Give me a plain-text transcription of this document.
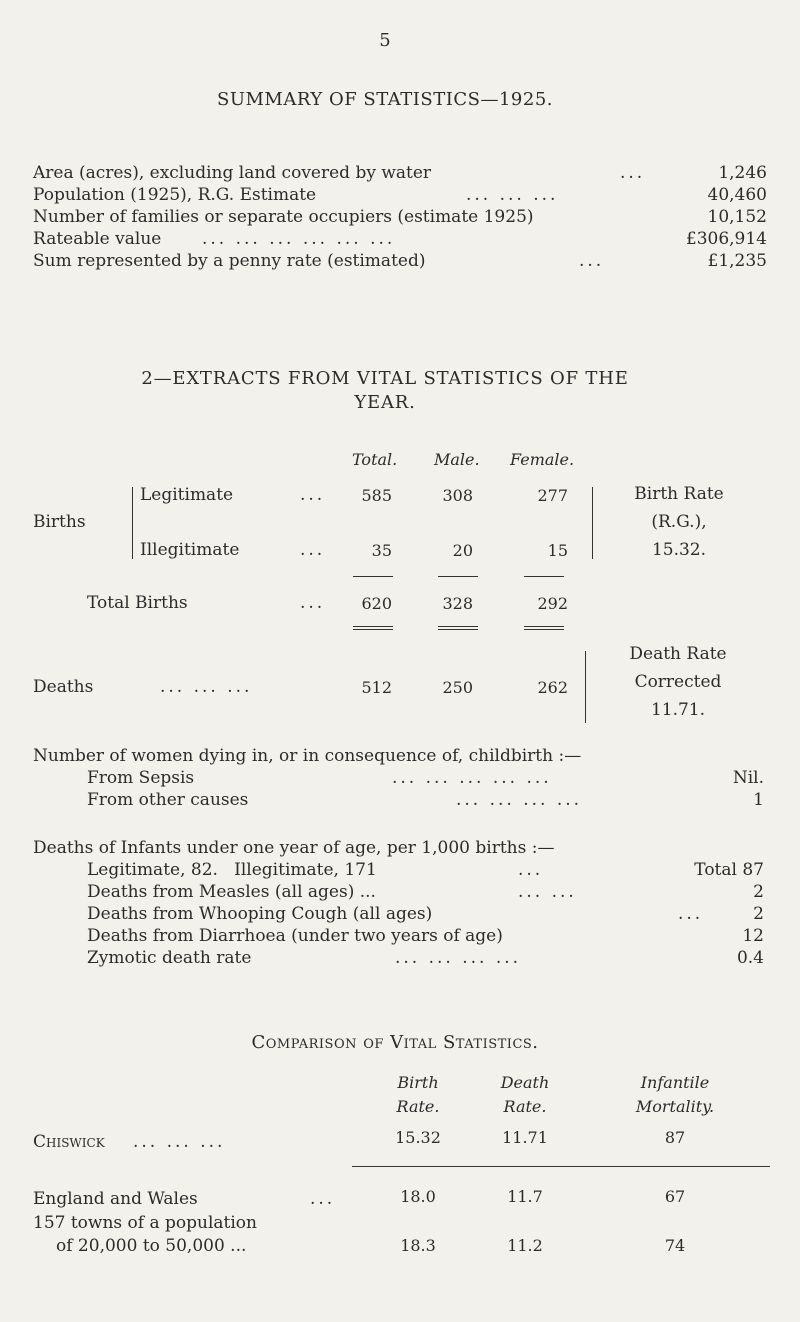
5
SUMMARY OF STATISTICS—1925.
Area (acres), excluding land covered by water	...	1,246
Population (1925), R.G. Estimate	... ... ...	40,460
Number of families or separate occupiers (estimate 1925)	10,152
Rateable value ... ... ... ... ... ...	£306,914
Sum represented by a penny rate (estimated)	...	£1,235
2—EXTRACTS FROM VITAL STATISTICS OF THE
YEAR.
Total. Male. Female.
Births
Legitimate	... 585	308	277
Illegitimate	...	35	20	15
Birth Rate
(R.G.),
15.32.
Total Births	... 620	328	292
Deaths	... ... ...	512	250	262
Death Rate
Corrected
11.71.
Number of women dying in, or in consequence of, childbirth :—
From Sepsis	... ... ... ... ...	Nil.
From other causes	... ... ... ...	1
Deaths of Infants under one year of age, per 1,000 births :—
Legitimate, 82.   Illegitimate, 171	...	Total 87
Deaths from Measles (all ages) ...	... ...	2
Deaths from Whooping Cough (all ages)	...	2
Deaths from Diarrhoea (under two years of age)	12
Zymotic death rate	... ... ... ...	0.4
Comparison of Vital Statistics.
Birth
Rate.
Death
Rate.
Infantile
Mortality.
Chiswick ... ... ...	15.32	11.71	87
England and Wales	...	18.0	11.7	67
157 towns of a population
of 20,000 to 50,000 ...	18.3	11.2	74
